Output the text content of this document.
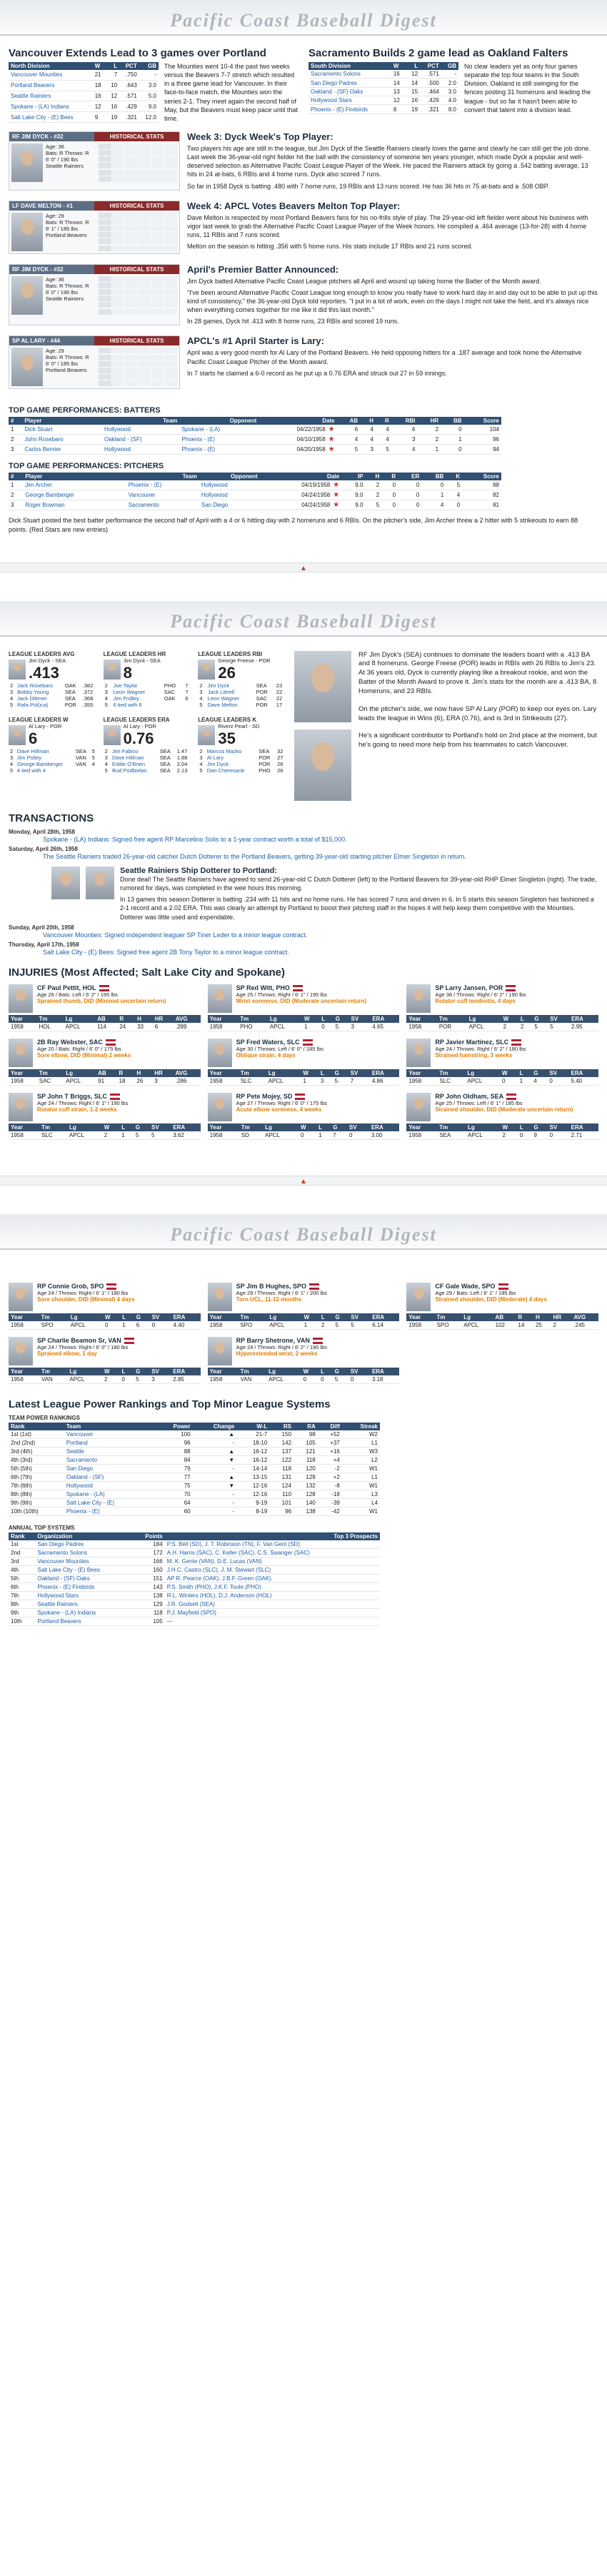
Pacific Coast Baseball Digest
Vancouver Extends Lead to 3 games over Portland
North Division	W	L	PCT	GB
Vancouver Mounties	21	7	.750	-
Portland Beavers	18	10	.643	3.0
Seattle Rainiers	16	12	.571	5.0
Spokane - (LA) Indians	12	16	.429	9.0
Salt Lake City - (E) Bees	9	19	.321	12.0

The Mounties went 10-4 the past two weeks versus the Beavers 7-7 stretch which resulted in a three game lead for Vancouver. In their face-to-face match, the Mounties won the series 2-1. They meet again the second half of May, but the Beavers must keep pace until that time.

Sacramento Builds 2 game lead as Oakland Falters
South Division	W	L	PCT	GB
Sacramento Solons	16	12	.571	-
San Diego Padres	14	14	.500	2.0
Oakland - (SF) Oaks	13	15	.464	3.0
Hollywood Stars	12	16	.429	4.0
Phoenix - (E) Firebirds	8	19	.321	8.0

No clear leaders yet as only four games separate the top four teams in the South Division. Oakland is still swinging for the fences posting 31 homeruns and leading the league - but so far it hasn't been able to convert that talent into a division lead.

RF JIM DYCK - #32	HISTORICAL STATS
Age: 36
Bats: R Throws: R
6' 0" / 190 lbs
Seattle Rainiers
Week 3: Dyck Week's Top Player:

Two players his age are still in the league, but Jim Dyck of the Seattle Rainiers clearly loves the game and clearly he can still get the job done. Last week the 36-year-old right fielder hit the ball with the consistency of someone ten years younger, which made Dyck a popular and well-deserved selection as Alternative Pacific Coast League Player of the Week. He paced the Rainiers attack by going a .542 batting average, 13 hits in 24 at-bats, 6 RBIs and 4 home runs. Dyck also scored 7 runs.

So far in 1958 Dyck is batting .480 with 7 home runs, 19 RBIs and 13 runs scored. He has 36 hits in 75 at-bats and a .508 OBP.

LF DAVE MELTON - #1	HISTORICAL STATS
Age: 29
Bats: R Throws: R
6' 1" / 185 lbs
Portland Beavers
Week 4: APCL Votes Beavers Melton Top Player:

Dave Melton is respected by most Portland Beavers fans for his no-frills style of play. The 29-year-old left fielder went about his business with vigor last week to grab the Alternative Pacific Coast League Player of the Week honors. He compiled a .464 average (13-for-28) with 4 home runs, 11 RBIs and 7 runs scored.

Melton on the season is hitting .356 with 5 home runs. His stats include 17 RBIs and 21 runs scored.

RF JIM DYCK - #32	HISTORICAL STATS
Age: 36
Bats: R Throws: R
6' 0" / 190 lbs
Seattle Rainiers
April's Premier Batter Announced:

Jim Dyck batted Alternative Pacific Coast League pitchers all April and wound up taking home the Batter of the Month award.

"I've been around Alternative Pacific Coast League long enough to know you really have to work hard day in and day out to be able to put up this kind of consistency," the 36-year-old Dyck told reporters. "I put in a lot of work, even on the days I might not take the field, and it's always nice when everything comes together for me like it did this last month."

In 28 games, Dyck hit .413 with 8 home runs, 23 RBIs and scored 19 runs.

SP AL LARY - #44	HISTORICAL STATS
Age: 29
Bats: R Throws: R
6' 0" / 185 lbs
Portland Beavers
APCL's #1 April Starter is Lary:

April was a very good month for Al Lary of the Portland Beavers. He held opposing hitters for a .187 average and took home the Alternative Pacific Coast League Pitcher of the Month award.

In 7 starts he claimed a 6-0 record as he put up a 0.76 ERA and struck out 27 in 59 innings.

TOP GAME PERFORMANCES: BATTERS
#	Player	Team	Opponent	Date	AB	H	R	RBI	HR	BB	Score
1	Dick Stuart	Hollywood	Spokane - (LA)	04/22/1958 ★	6	4	4	6	2	0	104
2	John Rosebaro	Oakland - (SF)	Phoenix - (E)	04/10/1958 ★	4	4	4	3	2	1	96
3	Carlos Bernier	Hollywood	Phoenix - (E)	04/20/1958 ★	5	3	5	4	1	0	94
TOP GAME PERFORMANCES: PITCHERS
#	Player	Team	Opponent	Date	IP	H	R	ER	BB	K	Score
1	Jim Archer	Phoenix - (E)	Hollywood	04/19/1958 ★	9.0	2	0	0	0	5	88
2	George Bamberger	Vancouver	Hollywood	04/24/1958 ★	9.0	2	0	0	1	4	82
3	Roger Bowman	Sacramento	San Diego	04/24/1958 ★	9.0	5	0	0	4	0	81

Dick Stuart posted the best batter performance the second half of April with a 4 or 6 hitting day with 2 homeruns and 6 RBIs. On the pitcher's side, Jim Archer threw a 2 hitter with 5 strikeouts to earn 88 points. (Red Stars are new entries)

▲
Pacific Coast Baseball Digest
LEAGUE LEADERS AVG
Jim Dyck - SEA
.413
2	Jack Rosebaro	OAK	.382
3	Bobby Young	SEA	.372
4	Jack Dittmer	SEA	.368
5	Rafa Pol(ica)	POR	.355
LEAGUE LEADERS HR
Jim Dyck - SEA
8
2	Joe Taylor	PHO	7
3	Leon Wagner	SAC	7
4	Jim Fridley	OAK	6
5	6 tied with 6		
LEAGUE LEADERS RBI
George Freese - POR
26
2	Jim Dyck	SEA	23
3	Jack Littrell	POR	22
4	Leon Wagner	SAC	22
5	Dave Melton	POR	17
LEAGUE LEADERS W
Al Lary - POR
6
2	Dave Hillman	SEA	5
3	Jim Polley	VAN	5
4	George Bamberger	VAN	4
5	4 tied with 4		
LEAGUE LEADERS ERA
Al Lary - POR
0.76
2	Jim Fabico	SEA	1.47
3	Dave Hillman	SEA	1.88
4	Eddie O'Brien	SEA	2.04
5	Bud Podbielan	SEA	2.13
LEAGUE LEADERS K
Riverz Pearl - SD
35
2	Marcus Mazko	SEA	32
3	Al Lary	POR	27
4	Jim Dyck	POR	26
5	Dan Cheresarie	PHO	26

RF Jim Dyck's (SEA) continues to dominate the leaders board with a .413 BA and 8 homeruns. George Freese (POR) leads in RBIs with 26 RBIs to Jim's 23. At 36 years old, Dyck is currently playing like a breakout rookie, and won the Batter of the Month Award to prove it. Jim's stats for the month are a .413 BA, 8 Homeruns, and 23 RBIs.

On the pitcher's side, we now have SP Al Lary (POR) to keep our eyes on. Lary leads the league in Wins (6), ERA (0.76), and is 3rd in Strikeouts (27).

He's a significant contributor to Portland's hold on 2nd place at the moment, but he's going to need more help from his teammates to catch Vancouver.

TRANSACTIONS
Monday, April 28th, 1958

Spokane - (LA) Indians: Signed free agent RP Marcelino Solis to a 1-year contract worth a total of $15,000.

Saturday, April 26th, 1958

The Seattle Rainiers traded 26-year-old catcher Dutch Dotterer to the Portland Beavers, getting 39-year-old starting pitcher Elmer Singleton in return.

Seattle Rainiers Ship Dotterer to Portland:

Done deal! The Seattle Rainiers have agreed to send 26-year-old C Dutch Dotterer (left) to the Portland Beavers for 39-year-old RHP Elmer Singleton (right). The trade, rumored for days, was completed in the wee hours this morning.

In 13 games this season Dotterer is batting .234 with 11 hits and no home runs. He has scored 7 runs and driven in 6. In 5 starts this season Singleton has fashioned a 2-1 record and a 2.02 ERA. This was clearly an attempt by Portland to boost their pitching staff in the hopes it will help keep them competitive with the Mounties. Dotterer was little used and expendable.

Sunday, April 20th, 1958

Vancouver Mounties: Signed independent leaguer SP Tiner Leder to a minor league contract.

Thursday, April 17th, 1958

Salt Lake City - (E) Bees: Signed free agent 2B Tony Taylor to a minor league contract.

INJURIES (Most Affected; Salt Lake City and Spokane)
CF Paul Pettit, HOL
Age 26 / Bats: Left / 6' 2" / 195 lbs
Sprained thumb, DtD (Minimal uncertain return)
Year	Tm	Lg	AB	R	H	HR	AVG
1958	HOL	APCL	114	24	33	6	.289
SP Red Witt, PHO
Age 25 / Throws: Right / 6' 1" / 195 lbs
Wrist soreness, DtD (Moderate uncertain return)
Year	Tm	Lg	W	L	G	SV	ERA
1958	PHO	APCL	1	0	5	3	4.65
SP Larry Jansen, POR
Age 38 / Throws: Right / 6' 2" / 190 lbs
Rotator cuff tendinitis, 4 days
Year	Tm	Lg	W	L	G	SV	ERA
1958	POR	APCL	2	2	5	5	2.95
2B Ray Webster, SAC
Age 20 / Bats: Right / 6' 0" / 175 lbs
Sore elbow, DtD (Minimal) 2 weeks
Year	Tm	Lg	AB	R	H	HR	AVG
1958	SAC	APCL	91	18	26	3	.286
SP Fred Waters, SLC
Age 30 / Throws: Left / 6' 0" / 185 lbs
Oblique strain, 4 days
Year	Tm	Lg	W	L	G	SV	ERA
1958	SLC	APCL	1	3	5	7	4.86
RP Javier Martinez, SLC
Age 24 / Throws: Right / 6' 2" / 190 lbs
Strained hamstring, 3 weeks
Year	Tm	Lg	W	L	G	SV	ERA
1958	SLC	APCL	0	1	4	0	5.40
SP John T Briggs, SLC
Age 24 / Throws: Right / 6' 1" / 190 lbs
Rotator cuff strain, 1-2 weeks
Year	Tm	Lg	W	L	G	SV	ERA
1958	SLC	APCL	2	1	5	5	3.62
RP Pete Mojey, SD
Age 27 / Throws: Right / 6' 0" / 175 lbs
Acute elbow soreness, 4 weeks
Year	Tm	Lg	W	L	G	SV	ERA
1958	SD	APCL	0	1	7	0	3.00
RP John Oldham, SEA
Age 25 / Throws: Left / 6' 1" / 185 lbs
Strained shoulder, DtD (Moderate uncertain return)
Year	Tm	Lg	W	L	G	SV	ERA
1958	SEA	APCL	2	0	9	0	2.71
▲
Pacific Coast Baseball Digest
RP Connie Grob, SPO
Age 24 / Throws: Right / 6' 1" / 180 lbs
Sore shoulder, DtD (Minimal) 4 days
Year	Tm	Lg	W	L	G	SV	ERA
1958	SPO	APCL	0	1	6	0	4.40
SP Jim B Hughes, SPO
Age 29 / Throws: Right / 6' 1" / 200 lbs
Torn UCL, 11-12 months
Year	Tm	Lg	W	L	G	SV	ERA
1958	SPO	APCL	1	2	5	5	6.14
CF Gale Wade, SPO
Age 29 / Bats: Left / 6' 1" / 185 lbs
Strained shoulder, DtD (Moderate) 4 days
Year	Tm	Lg	AB	R	H	HR	AVG
1958	SPO	APCL	102	14	25	2	.245
SP Charlie Beamon Sr, VAN
Age 24 / Throws: Right / 6' 0" / 180 lbs
Sprained elbow, 1 day
Year	Tm	Lg	W	L	G	SV	ERA
1958	VAN	APCL	2	0	5	3	2.85
RP Barry Shetrone, VAN
Age 24 / Throws: Right / 6' 2" / 190 lbs
Hyperextended wrist, 2 weeks
Year	Tm	Lg	W	L	G	SV	ERA
1958	VAN	APCL	0	0	5	0	3.18
Latest League Power Rankings and Top Minor League Systems
TEAM POWER RANKINGS
Rank	Team	Power	Change	W-L	RS	RA	Diff	Streak
1st (1st)	Vancouver	100	▲	21-7	150	98	+52	W2
2nd (2nd)	Portland	96	-	18-10	142	105	+37	L1
3rd (4th)	Seattle	88	▲	16-12	137	121	+16	W3
4th (3rd)	Sacramento	84	▼	16-12	122	118	+4	L2
5th (5th)	San Diego	79	-	14-14	118	120	-2	W1
6th (7th)	Oakland - (SF)	77	▲	13-15	131	129	+2	L1
7th (6th)	Hollywood	75	▼	12-16	124	132	-8	W1
8th (8th)	Spokane - (LA)	70	-	12-16	110	128	-18	L3
9th (9th)	Salt Lake City - (E)	64	-	9-19	101	140	-39	L4
10th (10th)	Phoenix - (E)	60	-	8-19	96	138	-42	W1
ANNUAL TOP SYSTEMS
Rank	Organization	Points	Top 3 Prospects
1st	San Diego Padres	184	P.S. Bell (SD), J. T. Robinson (TN), F. Van Gent (SD)
2nd	Sacramento Solons	172	A.H. Harris (SAC), C. Keller (SAC), C.S. Swanger (SAC)
3rd	Vancouver Mounties	166	M. K. Gente (VAN), D.E. Lucas (VAN)
4th	Salt Lake City - (E) Bees	160	J.H.C. Castro (SLC), J. M. Stewart (SLC)
5th	Oakland - (SF) Oaks	151	AP R. Pearce (OAK), J.B.F. Green (OAK)
6th	Phoenix - (E) Firebirds	143	P.S. Smith (PHO), J.K.F. Toole (PHO)
7th	Hollywood Stars	138	R.L. Winters (HOL), D.J. Anderson (HOL)
8th	Seattle Rainiers	129	J.R. Godsell (SEA)
9th	Spokane - (LA) Indians	118	P.J. Mayfield (SPO)
10th	Portland Beavers	105	—
